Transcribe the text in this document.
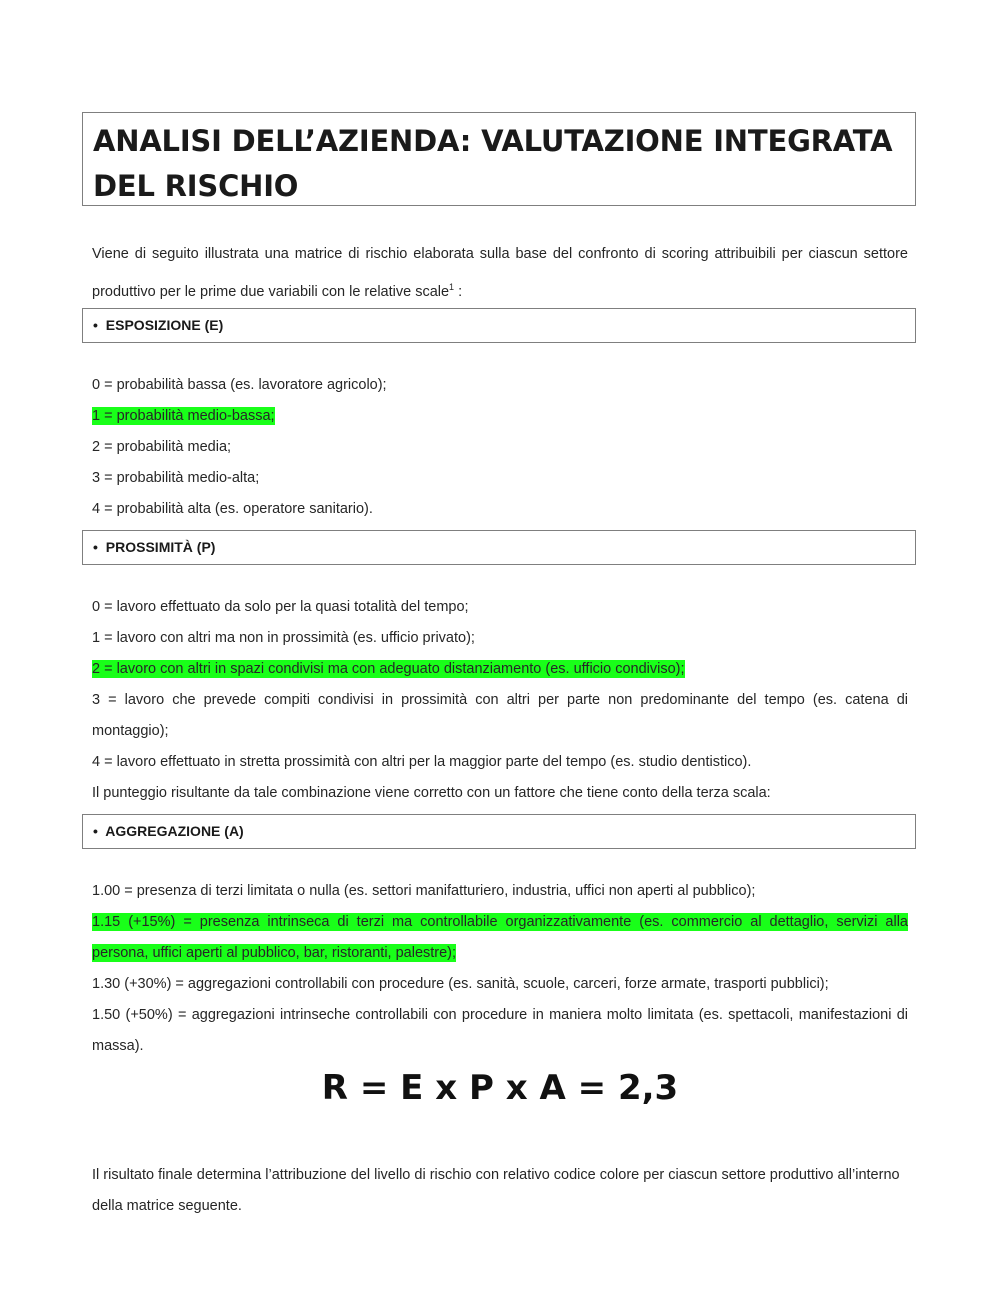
ANALISI DELL’AZIENDA: VALUTAZIONE INTEGRATA DEL RISCHIO

Viene di seguito illustrata una matrice di rischio elaborata sulla base del confronto di scoring attribuibili per ciascun settore produttivo per le prime due variabili con le relative scale$^1$ :

• ESPOSIZIONE (E)
0 = probabilità bassa (es. lavoratore agricolo);
1 = probabilità medio-bassa;
2 = probabilità media;
3 = probabilità medio-alta;
4 = probabilità alta (es. operatore sanitario).
• PROSSIMITÀ (P)
0 = lavoro effettuato da solo per la quasi totalità del tempo;
1 = lavoro con altri ma non in prossimità (es. ufficio privato);
2 = lavoro con altri in spazi condivisi ma con adeguato distanziamento (es. ufficio condiviso);
3 = lavoro che prevede compiti condivisi in prossimità con altri per parte non predominante del tempo (es. catena di montaggio);
4 = lavoro effettuato in stretta prossimità con altri per la maggior parte del tempo (es. studio dentistico).
Il punteggio risultante da tale combinazione viene corretto con un fattore che tiene conto della terza scala:
• AGGREGAZIONE (A)
1.00 = presenza di terzi limitata o nulla (es. settori manifatturiero, industria, uffici non aperti al pubblico);
1.15 (+15%) = presenza intrinseca di terzi ma controllabile organizzativamente (es. commercio al dettaglio, servizi alla persona, uffici aperti al pubblico, bar, ristoranti, palestre);
1.30 (+30%) = aggregazioni controllabili con procedure (es. sanità, scuole, carceri, forze armate, trasporti pubblici);
1.50 (+50%) = aggregazioni intrinseche controllabili con procedure in maniera molto limitata (es. spettacoli, manifestazioni di massa).
R = E x P x A = 2,3

Il risultato finale determina l’attribuzione del livello di rischio con relativo codice colore per ciascun settore produttivo all’interno della matrice seguente.
